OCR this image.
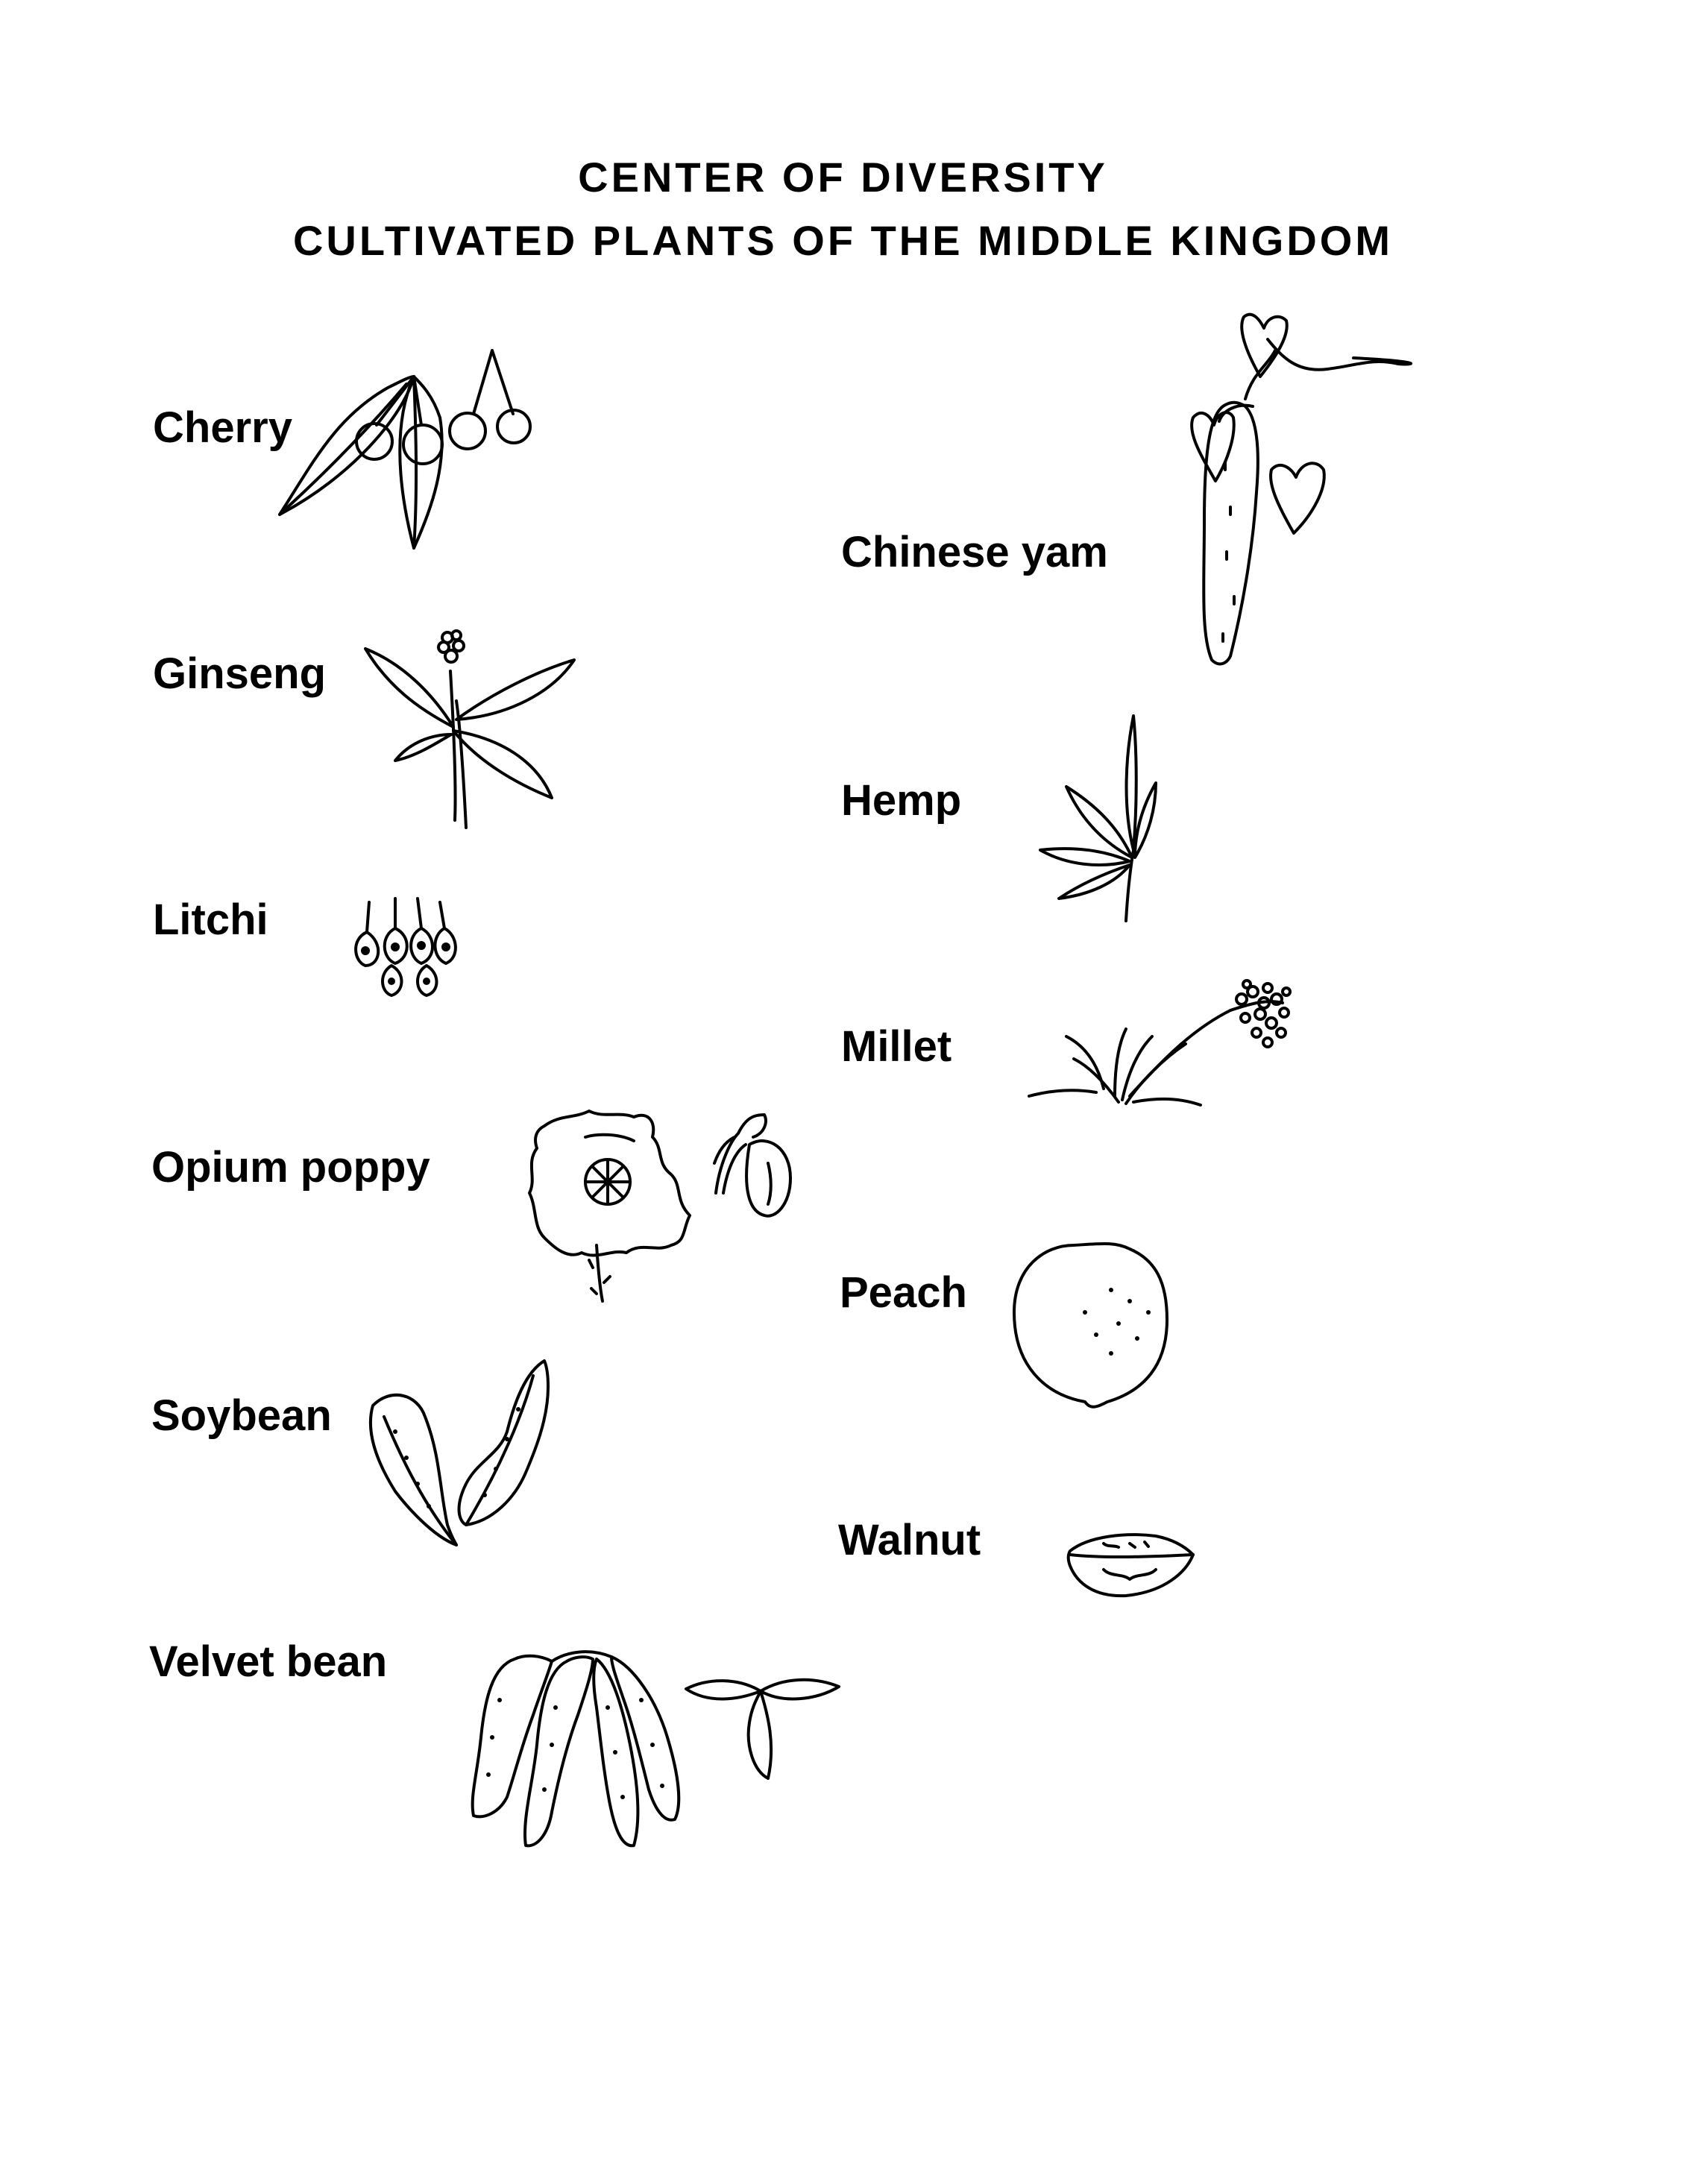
CENTER OF DIVERSITY
CULTIVATED PLANTS OF THE MIDDLE KINGDOM
Cherry
Ginseng
Litchi
Opium poppy
Soybean
Velvet bean
Chinese yam
Hemp
Millet
Peach
Walnut
